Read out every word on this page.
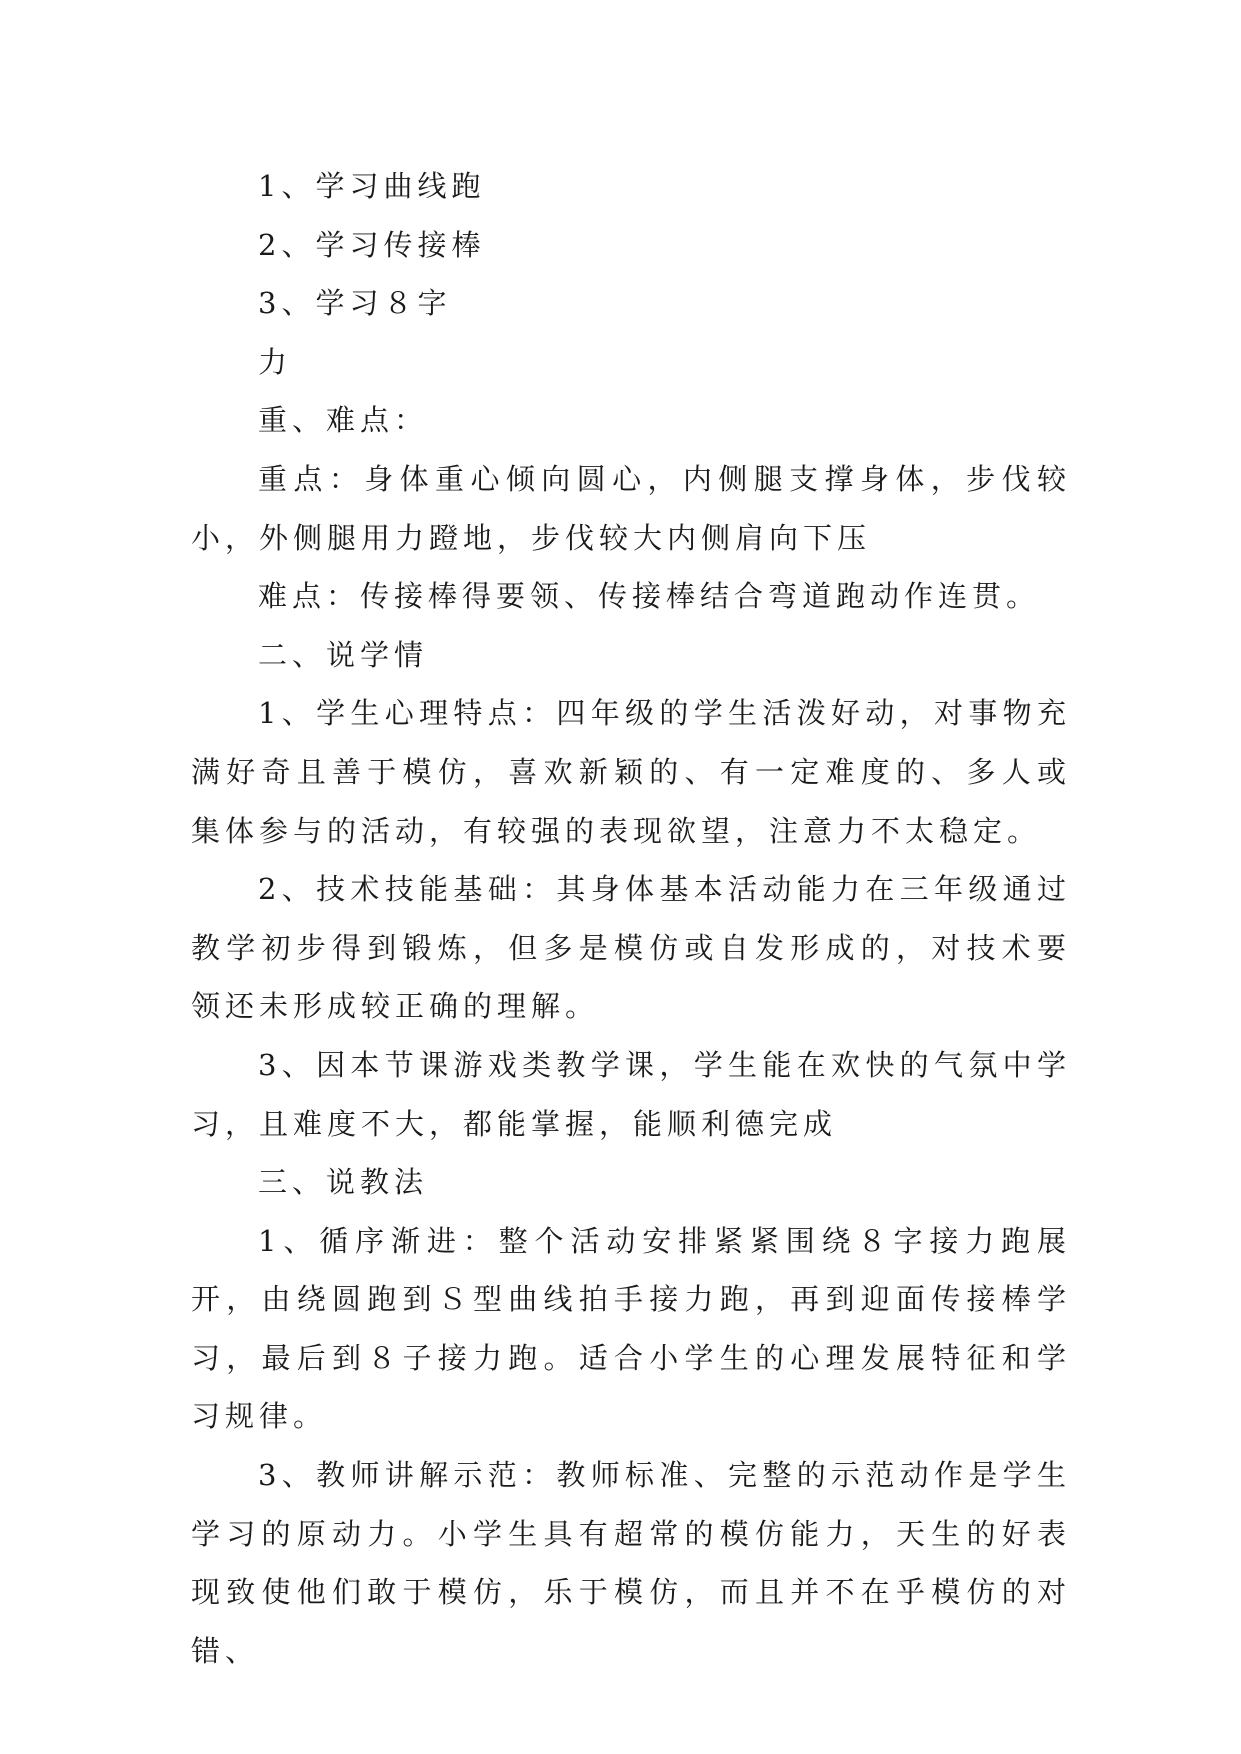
1、学习曲线跑

2、学习传接棒

3、学习８字

力

重、难点：

重点：身体重心倾向圆心，内侧腿支撑身体，步伐较小，外侧腿用力蹬地，步伐较大内侧肩向下压

难点：传接棒得要领、传接棒结合弯道跑动作连贯。

二、说学情

1、学生心理特点：四年级的学生活泼好动，对事物充满好奇且善于模仿，喜欢新颖的、有一定难度的、多人或集体参与的活动，有较强的表现欲望，注意力不太稳定。

2、技术技能基础：其身体基本活动能力在三年级通过教学初步得到锻炼，但多是模仿或自发形成的，对技术要领还未形成较正确的理解。

3、因本节课游戏类教学课，学生能在欢快的气氛中学习，且难度不大，都能掌握，能顺利德完成

三、说教法

1、循序渐进：整个活动安排紧紧围绕８字接力跑展开，由绕圆跑到Ｓ型曲线拍手接力跑，再到迎面传接棒学习，最后到８子接力跑。适合小学生的心理发展特征和学习规律。

3、教师讲解示范：教师标准、完整的示范动作是学生学习的原动力。小学生具有超常的模仿能力，天生的好表现致使他们敢于模仿，乐于模仿，而且并不在乎模仿的对错、
